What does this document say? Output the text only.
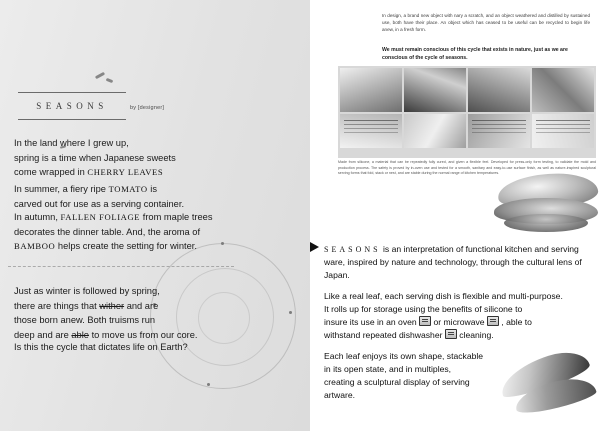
SEASONS	by [designer]
In the land where I grew up,
spring is a time when Japanese sweets
come wrapped in CHERRY LEAVES
In summer, a fiery ripe TOMATO is
carved out for use as a serving container.
In autumn, FALLEN FOLIAGE from maple trees
decorates the dinner table. And, the aroma of
BAMBOO helps create the setting for winter.
Just as winter is followed by spring,
there are things that wither and are
those born anew. Both truisms run
deep and are able to move us from our core.
Is this the cycle that dictates life on Earth?
In design, a brand new object with nary a scratch, and an object weathered and distilled by sustained use, both have their place. An object which has ceased to be useful can be recycled to begin life anew, in a fresh form.
We must remain conscious of this cycle that exists in nature, just as we are conscious of the cycle of seasons.
Made from silicone, a material that can be repeatedly fully cured, and given a flexible feel. Developed for press-only form testing, to validate the mold and production process. The safety is proved by in-oven use and tested for a smooth, sanitary and easy-to-use surface finish, as well as nature-inspired sculptural serving forms that fold, stack or nest, and are stable during the normal range of kitchen temperatures.
SEASONS is an interpretation of functional kitchen and serving ware, inspired by nature and technology, through the cultural lens of Japan.
Like a real leaf, each serving dish is flexible and multi-purpose.
It rolls up for storage using the benefits of silicone to
insure its use in an oven or microwave , able to
withstand repeated dishwasher cleaning.
Each leaf enjoys its own shape, stackable in its open state, and in multiples, creating a sculptural display of serving artware.
